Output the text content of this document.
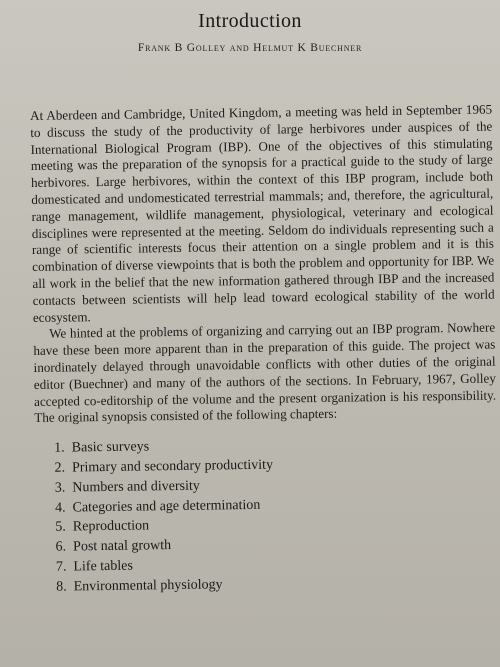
Introduction
Frank B Golley and Helmut K Buechner

At Aberdeen and Cambridge, United Kingdom, a meeting was held in September 1965 to discuss the study of the productivity of large herbivores under auspices of the International Biological Program (IBP). One of the objectives of this stimulating meeting was the preparation of the synopsis for a practical guide to the study of large herbivores. Large herbivores, within the context of this IBP program, include both domesticated and undomesticated terrestrial mammals; and, therefore, the agricultural, range management, wildlife management, physiological, veterinary and ecological disciplines were represented at the meeting. Seldom do individuals representing such a range of scientific interests focus their attention on a single problem and it is this combination of diverse viewpoints that is both the problem and opportunity for IBP. We all work in the belief that the new information gathered through IBP and the increased contacts between scientists will help lead toward ecological stability of the world ecosystem.

We hinted at the problems of organizing and carrying out an IBP program. Nowhere have these been more apparent than in the preparation of this guide. The project was inordinately delayed through unavoidable conflicts with other duties of the original editor (Buechner) and many of the authors of the sections. In February, 1967, Golley accepted co-editorship of the volume and the present organization is his responsibility. The original synopsis consisted of the following chapters:

1. Basic surveys
2. Primary and secondary productivity
3. Numbers and diversity
4. Categories and age determination
5. Reproduction
6. Post natal growth
7. Life tables
8. Environmental physiology
